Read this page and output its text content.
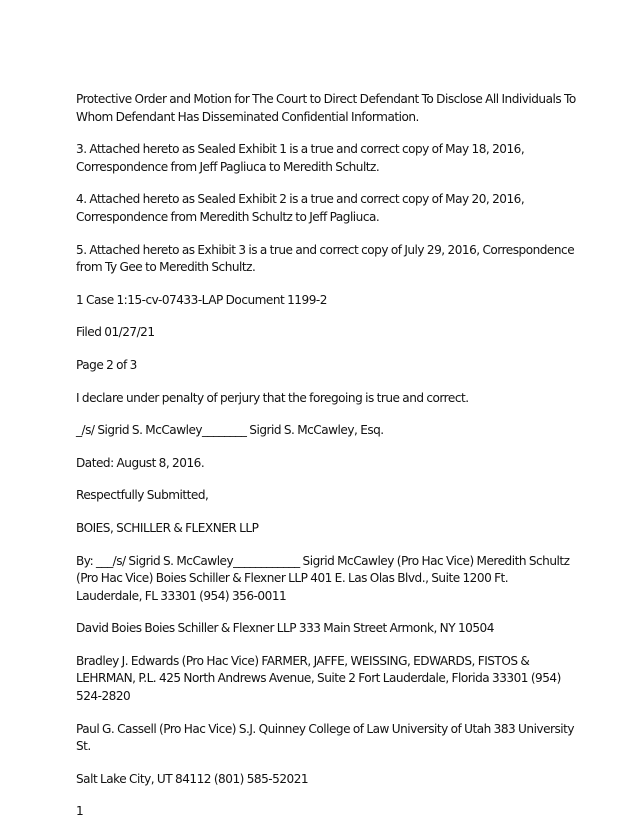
Protective Order and Motion for The Court to Direct Defendant To Disclose All Individuals To Whom Defendant Has Disseminated Confidential Information.

3. Attached hereto as Sealed Exhibit 1 is a true and correct copy of May 18, 2016, Correspondence from Jeff Pagliuca to Meredith Schultz.

4. Attached hereto as Sealed Exhibit 2 is a true and correct copy of May 20, 2016, Correspondence from Meredith Schultz to Jeff Pagliuca.

5. Attached hereto as Exhibit 3 is a true and correct copy of July 29, 2016, Correspondence from Ty Gee to Meredith Schultz.

1 Case 1:15-cv-07433-LAP Document 1199-2

Filed 01/27/21

Page 2 of 3

I declare under penalty of perjury that the foregoing is true and correct.

_/s/ Sigrid S. McCawley________ Sigrid S. McCawley, Esq.

Dated: August 8, 2016.

Respectfully Submitted,

BOIES, SCHILLER & FLEXNER LLP

By: ___/s/ Sigrid S. McCawley____________ Sigrid McCawley (Pro Hac Vice) Meredith Schultz (Pro Hac Vice) Boies Schiller & Flexner LLP 401 E. Las Olas Blvd., Suite 1200 Ft. Lauderdale, FL 33301 (954) 356-0011

David Boies Boies Schiller & Flexner LLP 333 Main Street Armonk, NY 10504

Bradley J. Edwards (Pro Hac Vice) FARMER, JAFFE, WEISSING, EDWARDS, FISTOS & LEHRMAN, P.L. 425 North Andrews Avenue, Suite 2 Fort Lauderdale, Florida 33301 (954) 524-2820

Paul G. Cassell (Pro Hac Vice) S.J. Quinney College of Law University of Utah 383 University St.

Salt Lake City, UT 84112 (801) 585-52021

1
